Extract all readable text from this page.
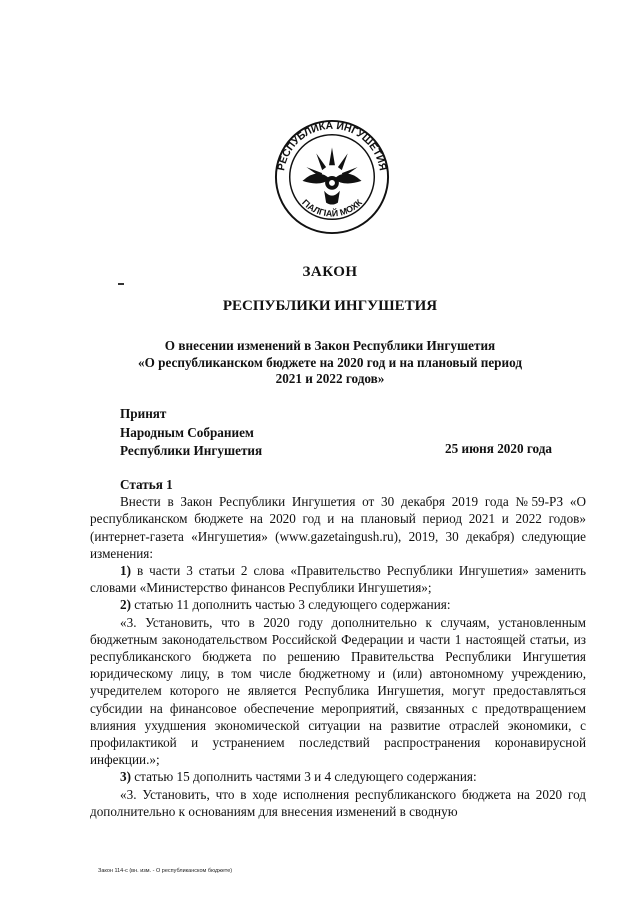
РЕСПУБЛИКА ИНГУШЕТИЯ
ГІАЛГІАЙ МОХК
ЗАКОН
РЕСПУБЛИКИ ИНГУШЕТИЯ
О внесении изменений в Закон Республики Ингушетия
«О республиканском бюджете на 2020 год и на плановый период
2021 и 2022 годов»
Принят
Народным Собранием
Республики Ингушетия	25 июня 2020 года

Статья 1

Внести в Закон Республики Ингушетия от 30 декабря 2019 года №59-РЗ «О республиканском бюджете на 2020 год и на плановый период 2021 и 2022 годов» (интернет-газета «Ингушетия» (www.gazetaingush.ru), 2019, 30 декабря) следующие изменения:

1) в части 3 статьи 2 слова «Правительство Республики Ингушетия» заменить словами «Министерство финансов Республики Ингушетия»;

2) статью 11 дополнить частью 3 следующего содержания:

«3. Установить, что в 2020 году дополнительно к случаям, установленным бюджетным законодательством Российской Федерации и части 1 настоящей статьи, из республиканского бюджета по решению Правительства Республики Ингушетия юридическому лицу, в том числе бюджетному и (или) автономному учреждению, учредителем которого не является Республика Ингушетия, могут предоставляться субсидии на финансовое обеспечение мероприятий, связанных с предотвращением влияния ухудшения экономической ситуации на развитие отраслей экономики, с профилактикой и устранением последствий распространения коронавирусной инфекции.»;

3) статью 15 дополнить частями 3 и 4 следующего содержания:

«3. Установить, что в ходе исполнения республиканского бюджета на 2020 год дополнительно к основаниям для внесения изменений в сводную

Закон 114-с (вн. изм. - О республиканском бюджете)
